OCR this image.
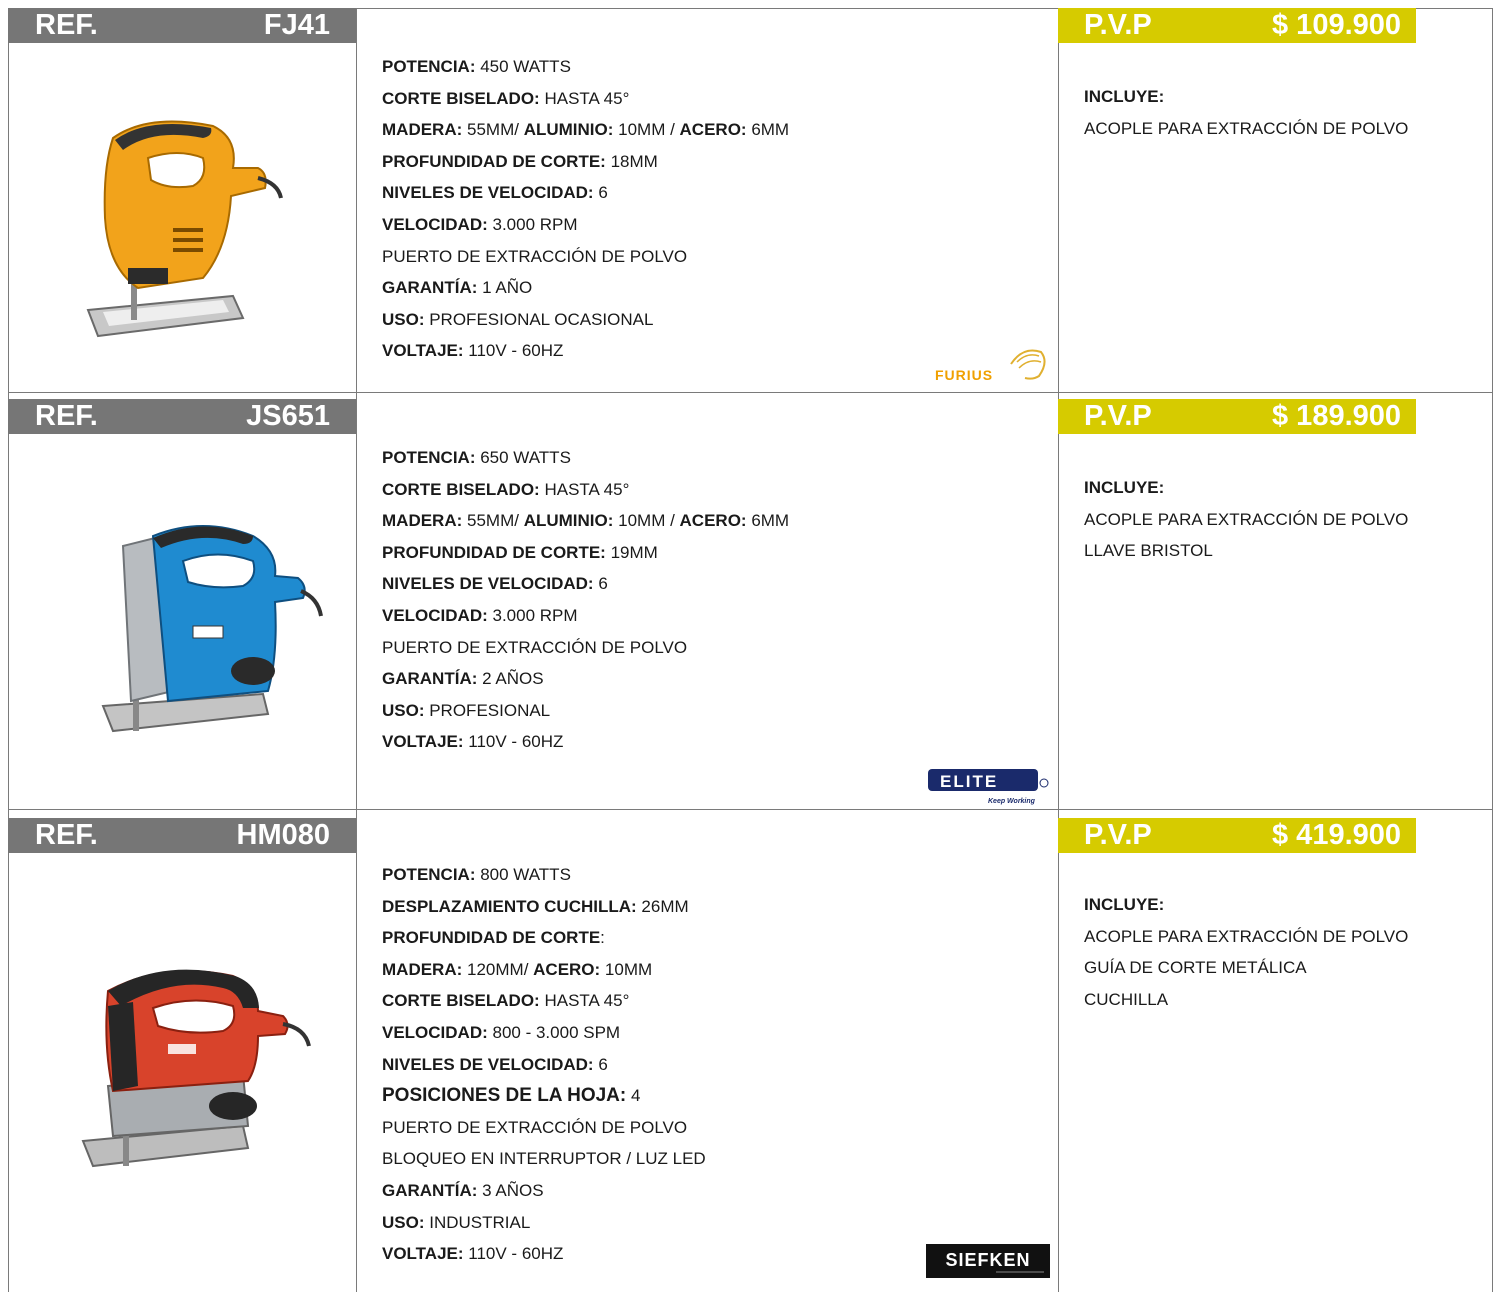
REF.	FJ41	P.V.P	$ 109.900
POTENCIA: 450 WATTS
CORTE BISELADO: HASTA 45°
MADERA: 55MM/ ALUMINIO: 10MM / ACERO: 6MM
PROFUNDIDAD DE CORTE: 18MM
NIVELES DE VELOCIDAD: 6
VELOCIDAD: 3.000 RPM
PUERTO DE EXTRACCIÓN DE POLVO
GARANTÍA: 1 AÑO
USO: PROFESIONAL OCASIONAL
VOLTAJE: 110V - 60HZ
FURIUS
INCLUYE:
ACOPLE PARA EXTRACCIÓN DE POLVO
REF.	JS651	P.V.P	$ 189.900
POTENCIA: 650 WATTS
CORTE BISELADO: HASTA 45°
MADERA: 55MM/ ALUMINIO: 10MM / ACERO: 6MM
PROFUNDIDAD DE CORTE: 19MM
NIVELES DE VELOCIDAD: 6
VELOCIDAD: 3.000 RPM
PUERTO DE EXTRACCIÓN DE POLVO
GARANTÍA: 2 AÑOS
USO: PROFESIONAL
VOLTAJE: 110V - 60HZ
ELITE
Keep Working
INCLUYE:
ACOPLE PARA EXTRACCIÓN DE POLVO
LLAVE BRISTOL
REF.	HM080	P.V.P	$ 419.900
POTENCIA: 800 WATTS
DESPLAZAMIENTO CUCHILLA: 26MM
PROFUNDIDAD DE CORTE:
MADERA: 120MM/ ACERO: 10MM
CORTE BISELADO: HASTA 45°
VELOCIDAD: 800 - 3.000 SPM
NIVELES DE VELOCIDAD: 6
POSICIONES DE LA HOJA: 4
PUERTO DE EXTRACCIÓN DE POLVO
BLOQUEO EN INTERRUPTOR / LUZ LED
GARANTÍA: 3 AÑOS
USO: INDUSTRIAL
VOLTAJE: 110V - 60HZ	SIEFKEN
INCLUYE:
ACOPLE PARA EXTRACCIÓN DE POLVO
GUÍA DE CORTE METÁLICA
CUCHILLA
